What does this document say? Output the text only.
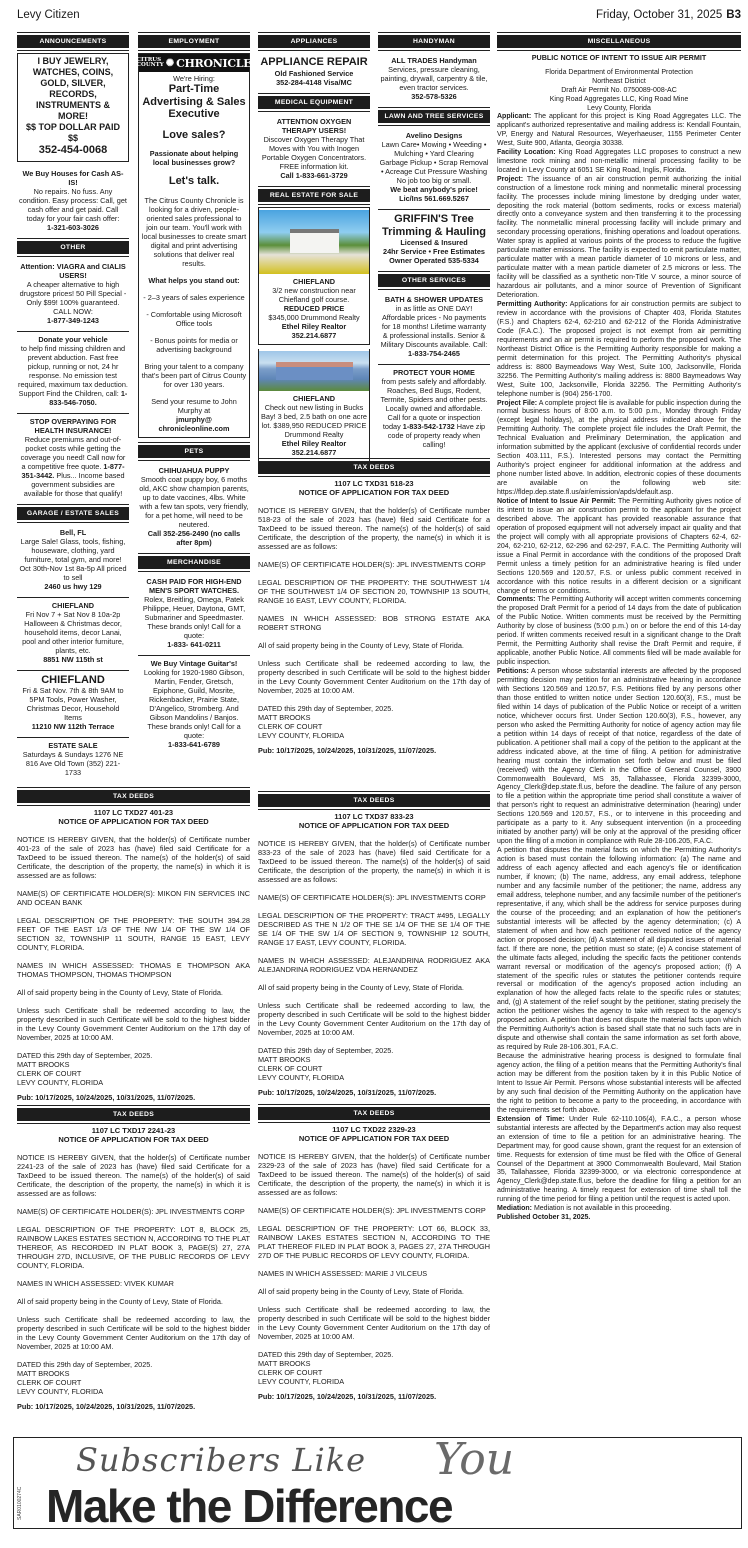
Levy Citizen	Friday, October 31, 2025 B3
ANNOUNCEMENTS
I BUY JEWELRY, WATCHES, COINS, GOLD, SILVER, RECORDS, INSTRUMENTS & MORE!
$$ TOP DOLLAR PAID $$
352-454-0068
We Buy Houses for Cash AS-IS!
No repairs. No fuss. Any condition. Easy process: Call, get cash offer and get paid. Call today for your fair cash offer:
1-321-603-3026
OTHER
Attention: VIAGRA and CIALIS USERS!
A cheaper alternative to high drugstore prices! 50 Pill Special - Only $99! 100% guaranteed. CALL NOW:
1-877-349-1243
Donate your vehicle
to help find missing children and prevent abduction. Fast free pickup, running or not, 24 hr response. No emission test required, maximum tax deduction. Support Find the Children, call: 1-833-546-7050.
STOP OVERPAYING FOR HEALTH INSURANCE!
Reduce premiums and out-of-pocket costs while getting the coverage you need! Call now for a competitive free quote. 1-877-351-3442. Plus... Income based government subsidies are available for those that qualify!
GARAGE / ESTATE SALES
Bell, FL
Large Sale! Glass, tools, fishing, houseware, clothing, yard furniture, total gym, and more! Oct 30th-Nov 1st 8a-5p All priced to sell
2460 us hwy 129
CHIEFLAND
Fri Nov 7 + Sat Nov 8 10a-2p Halloween & Christmas decor, household items, decor Lanai, pool and other interior furniture, plants, etc.
8851 NW 115th st
CHIEFLAND
Fri & Sat Nov. 7th & 8th 9AM to 5PM Tools, Power Washer, Christmas Decor, Household Items
11210 NW 112th Terrace
ESTATE SALE
Saturdays & Sundays 1276 NE 816 Ave Old Town (352) 221-1733
EMPLOYMENT
CITRUS
COUNTY ✺ CHRONICLE
We're Hiring:
Part-Time Advertising & Sales Executive
Love sales?
Passionate about helping local businesses grow?
Let's talk.
The Citrus County Chronicle is looking for a driven, people-oriented sales professional to join our team. You'll work with local businesses to create smart digital and print advertising solutions that deliver real results.
What helps you stand out:
- 2–3 years of sales experience
- Comfortable using Microsoft Office tools
- Bonus points for media or advertising background
Bring your talent to a company that's been part of Citrus County for over 130 years.
Send your resume to John Murphy at
jmurphy@ chronicleonline.com
PETS
CHIHUAHUA PUPPY
Smooth coat puppy boy, 6 moths old, AKC show champion parents, up to date vaccines, 4lbs. White with a few tan spots, very friendly, for a pet home, will need to be neutered.
Call 352-256-2490 (no calls after 8pm)
MERCHANDISE
CASH PAID FOR HIGH-END MEN'S SPORT WATCHES.
Rolex, Breitling, Omega, Patek Philippe, Heuer, Daytona, GMT, Submariner and Speedmaster. These brands only! Call for a quote:
1-833- 641-0211
We Buy Vintage Guitar's!
Looking for 1920-1980 Gibson, Martin, Fender, Gretsch, Epiphone, Guild, Mosrite, Rickenbacker, Prairie State, D'Angelico, Stromberg. And Gibson Mandolins / Banjos. These brands only! Call for a quote:
1-833-641-6789
TAX DEEDS
1107 LC TXD27 401-23
NOTICE OF APPLICATION FOR TAX DEED

NOTICE IS HEREBY GIVEN, that the holder(s) of Certificate number 401-23 of the sale of 2023 has (have) filed said Certificate for a TaxDeed to be issued thereon. The name(s) of the holder(s) of said Certificate, the description of the property, the name(s) in which it is assessed are as follows:

NAME(S) OF CERTIFICATE HOLDER(S): MIKON FIN SERVICES INC AND OCEAN BANK

LEGAL DESCRIPTION OF THE PROPERTY: THE SOUTH 394.28 FEET OF THE EAST 1/3 OF THE NW 1/4 OF THE SW 1/4 OF SECTION 32, TOWNSHIP 11 SOUTH, RANGE 15 EAST, LEVY COUNTY, FLORIDA.

NAMES IN WHICH ASSESSED: THOMAS E THOMPSON AKA THOMAS THOMPSON, THOMAS THOMPSON

All of said property being in the County of Levy, State of Florida.

Unless such Certificate shall be redeemed according to law, the property described in such Certificate will be sold to the highest bidder in the Levy County Government Center Auditorium on the 17th day of November, 2025 at 10:00 AM.

DATED this 29th day of September, 2025.
MATT BROOKS
CLERK OF COURT
LEVY COUNTY, FLORIDA
Pub: 10/17/2025, 10/24/2025, 10/31/2025, 11/07/2025.
TAX DEEDS
1107 LC TXD17 2241-23
NOTICE OF APPLICATION FOR TAX DEED

NOTICE IS HEREBY GIVEN, that the holder(s) of Certificate number 2241-23 of the sale of 2023 has (have) filed said Certificate for a TaxDeed to be issued thereon. The name(s) of the holder(s) of said Certificate, the description of the property, the name(s) in which it is assessed are as follows:

NAME(S) OF CERTIFICATE HOLDER(S): JPL INVESTMENTS CORP

LEGAL DESCRIPTION OF THE PROPERTY: LOT 8, BLOCK 25, RAINBOW LAKES ESTATES SECTION N, ACCORDING TO THE PLAT THEREOF, AS RECORDED IN PLAT BOOK 3, PAGE(S) 27, 27A THROUGH 27D, INCLUSIVE, OF THE PUBLIC RECORDS OF LEVY COUNTY, FLORIDA.

NAMES IN WHICH ASSESSED: VIVEK KUMAR

All of said property being in the County of Levy, State of Florida.

Unless such Certificate shall be redeemed according to law, the property described in such Certificate will be sold to the highest bidder in the Levy County Government Center Auditorium on the 17th day of November, 2025 at 10:00 AM.

DATED this 29th day of September, 2025.
MATT BROOKS
CLERK OF COURT
LEVY COUNTY, FLORIDA
Pub: 10/17/2025, 10/24/2025, 10/31/2025, 11/07/2025.
APPLIANCES
APPLIANCE REPAIR
Old Fashioned Service
352-284-4148 Visa/MC
MEDICAL EQUIPMENT
ATTENTION OXYGEN THERAPY USERS!
Discover Oxygen Therapy That Moves with You with Inogen Portable Oxygen Concentrators. FREE information kit.
Call 1-833-661-3729
REAL ESTATE FOR SALE
CHIEFLAND
3/2 new construction near Chiefland golf course.
REDUCED PRICE
$345,000 Drummond Realty
Ethel Riley Realtor 352.214.6877
CHIEFLAND
Check out new listing in Bucks Bay! 3 bed, 2.5 bath on one acre lot. $389,950 REDUCED PRICE Drummond Realty
Ethel Riley Realtor 352.214.6877
HANDYMAN
ALL TRADES Handyman
Services, pressure cleaning, painting, drywall, carpentry & tile, even tractor services.
352-578-5326
LAWN AND TREE SERVICES
Avelino Designs
Lawn Care• Mowing • Weeding • Mulching • Yard Clearing Garbage Pickup • Scrap Removal • Acreage Cut Pressure Washing No job too big or small.
We beat anybody's price! Lic/Ins 561.669.5267
GRIFFIN'S Tree Trimming & Hauling
Licensed & Insured
24hr Service • Free Estimates
Owner Operated 535-5334
OTHER SERVICES
BATH & SHOWER UPDATES
in as little as ONE DAY! Affordable prices - No payments for 18 months! Lifetime warranty & professional installs. Senior & Military Discounts available. Call: 1-833-754-2465
PROTECT YOUR HOME
from pests safely and affordably. Roaches, Bed Bugs, Rodent, Termite, Spiders and other pests. Locally owned and affordable. Call for a quote or inspection today 1-833-542-1732 Have zip code of property ready when calling!
TAX DEEDS
1107 LC TXD31 518-23
NOTICE OF APPLICATION FOR TAX DEED

NOTICE IS HEREBY GIVEN, that the holder(s) of Certificate number 518-23 of the sale of 2023 has (have) filed said Certificate for a TaxDeed to be issued thereon. The name(s) of the holder(s) of said Certificate, the description of the property, the name(s) in which it is assessed are as follows:

NAME(S) OF CERTIFICATE HOLDER(S): JPL INVESTMENTS CORP

LEGAL DESCRIPTION OF THE PROPERTY: THE SOUTHWEST 1/4 OF THE SOUTHWEST 1/4 OF SECTION 20, TOWNSHIP 13 SOUTH, RANGE 16 EAST, LEVY COUNTY, FLORIDA.

NAMES IN WHICH ASSESSED: BOB STRONG ESTATE AKA ROBERT STRONG

All of said property being in the County of Levy, State of Florida.

Unless such Certificate shall be redeemed according to law, the property described in such Certificate will be sold to the highest bidder in the Levy County Government Center Auditorium on the 17th day of November, 2025 at 10:00 AM.

DATED this 29th day of September, 2025.
MATT BROOKS
CLERK OF COURT
LEVY COUNTY, FLORIDA
Pub: 10/17/2025, 10/24/2025, 10/31/2025, 11/07/2025.
TAX DEEDS
1107 LC TXD37 833-23
NOTICE OF APPLICATION FOR TAX DEED

NOTICE IS HEREBY GIVEN, that the holder(s) of Certificate number 833-23 of the sale of 2023 has (have) filed said Certificate for a TaxDeed to be issued thereon. The name(s) of the holder(s) of said Certificate, the description of the property, the name(s) in which it is assessed are as follows:

NAME(S) OF CERTIFICATE HOLDER(S): JPL INVESTMENTS CORP

LEGAL DESCRIPTION OF THE PROPERTY: TRACT #495, LEGALLY DESCRIBED AS THE N 1/2 OF THE SE 1/4 OF THE SE 1/4 OF THE SE 1/4 OF THE SW 1/4 OF SECTION 9, TOWNSHIP 12 SOUTH, RANGE 17 EAST, LEVY COUNTY, FLORIDA.

NAMES IN WHICH ASSESSED: ALEJANDRINA RODRIGUEZ AKA ALEJANDRINA RODRIGUEZ VDA HERNANDEZ

All of said property being in the County of Levy, State of Florida.

Unless such Certificate shall be redeemed according to law, the property described in such Certificate will be sold to the highest bidder in the Levy County Government Center Auditorium on the 17th day of November, 2025 at 10:00 AM.

DATED this 29th day of September, 2025.
MATT BROOKS
CLERK OF COURT
LEVY COUNTY, FLORIDA
Pub: 10/17/2025, 10/24/2025, 10/31/2025, 11/07/2025.
TAX DEEDS
1107 LC TXD22 2329-23
NOTICE OF APPLICATION FOR TAX DEED

NOTICE IS HEREBY GIVEN, that the holder(s) of Certificate number 2329-23 of the sale of 2023 has (have) filed said Certificate for a TaxDeed to be issued thereon. The name(s) of the holder(s) of said Certificate, the description of the property, the name(s) in which it is assessed are as follows:

NAME(S) OF CERTIFICATE HOLDER(S): JPL INVESTMENTS CORP

LEGAL DESCRIPTION OF THE PROPERTY: LOT 66, BLOCK 33, RAINBOW LAKES ESTATES SECTION N, ACCORDING TO THE PLAT THEREOF FILED IN PLAT BOOK 3, PAGES 27, 27A THROUGH 27D OF THE PUBLIC RECORDS OF LEVY COUNTY, FLORIDA.

NAMES IN WHICH ASSESSED: MARIE J VILCEUS

All of said property being in the County of Levy, State of Florida.

Unless such Certificate shall be redeemed according to law, the property described in such Certificate will be sold to the highest bidder in the Levy County Government Center Auditorium on the 17th day of November, 2025 at 10:00 AM.

DATED this 29th day of September, 2025.
MATT BROOKS
CLERK OF COURT
LEVY COUNTY, FLORIDA
Pub: 10/17/2025, 10/24/2025, 10/31/2025, 11/07/2025.
MISCELLANEOUS
PUBLIC NOTICE OF INTENT TO ISSUE AIR PERMIT
Florida Department of Environmental Protection
Northeast District
Draft Air Permit No. 0750089-008-AC
King Road Aggregates LLC, King Road Mine
Levy County, Florida
Applicant: The applicant for this project is King Road Aggregates LLC. The applicant's authorized representative and mailing address is: Kendall Fountain, VP, Energy and Natural Resources, Weyerhaeuser, 1155 Perimeter Center West, Suite 900, Atlanta, Georgia 30338.
Facility Location: King Road Aggregates LLC proposes to construct a new limestone rock mining and non-metallic mineral processing facility to be located in Levy County at 6051 SE King Road, Inglis, Florida.
Project: The issuance of an air construction permit authorizing the initial construction of a limestone rock mining and nonmetallic mineral processing facility. The processes include mining limestone by dredging under water, depositing the rock material (bottom sediments, rocks or excess material) directly onto a conveyance system and then transferring it to the processing facility. The nonmetallic mineral processing facility will include primary and secondary processing operations, finishing operations and loadout operations. Water spray is applied at various points of the process to reduce the fugitive particulate matter emissions. The facility is expected to emit particulate matter, particulate matter with a mean particle diameter of 10 microns or less, and particulate matter with a mean particle diameter of 2.5 microns or less. The facility will be classified as a synthetic non-Title V source, a minor source of hazardous air pollutants, and a minor source of Prevention of Significant Deterioration.
Permitting Authority: Applications for air construction permits are subject to review in accordance with the provisions of Chapter 403, Florida Statutes (F.S.) and Chapters 62-4, 62-210 and 62-212 of the Florida Administrative Code (F.A.C.). The proposed project is not exempt from air permitting requirements and an air permit is required to perform the proposed work. The Northeast District Office is the Permitting Authority responsible for making a permit determination for this project. The Permitting Authority's physical address is: 8800 Baymeadows Way West, Suite 100, Jacksonville, Florida 32256. The Permitting Authority's mailing address is: 8800 Baymeadows Way West, Suite 100, Jacksonville, Florida 32256. The Permitting Authority's telephone number is (904) 256-1700.
Project File: A complete project file is available for public inspection during the normal business hours of 8:00 a.m. to 5:00 p.m., Monday through Friday (except legal holidays), at the physical address indicated above for the Permitting Authority. The complete project file includes the Draft Permit, the Technical Evaluation and Preliminary Determination, the application and information submitted by the applicant (exclusive of confidential records under Section 403.111, F.S.). Interested persons may contact the Permitting Authority's project engineer for additional information at the address and phone number listed above. In addition, electronic copies of these documents are available on the following web site: https://fldep.dep.state.fl.us/air/emission/apds/default.asp.
Notice of Intent to Issue Air Permit: The Permitting Authority gives notice of its intent to issue an air construction permit to the applicant for the project described above. The applicant has provided reasonable assurance that operation of proposed equipment will not adversely impact air quality and that the project will comply with all appropriate provisions of Chapters 62-4, 62-204, 62-210, 62-212, 62-296 and 62-297, F.A.C. The Permitting Authority will issue a Final Permit in accordance with the conditions of the proposed Draft Permit unless a timely petition for an administrative hearing is filed under Sections 120.569 and 120.57, F.S. or unless public comment received in accordance with this notice results in a different decision or a significant change of terms or conditions.
Comments: The Permitting Authority will accept written comments concerning the proposed Draft Permit for a period of 14 days from the date of publication of the Public Notice. Written comments must be received by the Permitting Authority by close of business (5:00 p.m.) on or before the end of this 14-day period. If written comments received result in a significant change to the Draft Permit, the Permitting Authority shall revise the Draft Permit and require, if applicable, another Public Notice. All comments filed will be made available for public inspection.
Petitions: A person whose substantial interests are affected by the proposed permitting decision may petition for an administrative hearing in accordance with Sections 120.569 and 120.57, F.S. Petitions filed by any persons other than those entitled to written notice under Section 120.60(3), F.S., must be filed within 14 days of publication of the Public Notice or receipt of a written notice, whichever occurs first. Under Section 120.60(3), F.S., however, any person who asked the Permitting Authority for notice of agency action may file a petition within 14 days of receipt of that notice, regardless of the date of publication. A petitioner shall mail a copy of the petition to the applicant at the address indicated above, at the time of filing. A petition for administrative hearing must contain the information set forth below and must be filed (received) with the Agency Clerk in the Office of General Counsel, 3900 Commonwealth Boulevard, MS 35, Tallahassee, Florida 32399-3000, Agency_Clerk@dep.state.fl.us, before the deadline. The failure of any person to file a petition within the appropriate time period shall constitute a waiver of that person's right to request an administrative determination (hearing) under Sections 120.569 and 120.57, F.S., or to intervene in this proceeding and participate as a party to it. Any subsequent intervention (in a proceeding initiated by another party) will be only at the approval of the presiding officer upon the filing of a motion in compliance with Rule 28-106.205, F.A.C.
A petition that disputes the material facts on which the Permitting Authority's action is based must contain the following information: (a) The name and address of each agency affected and each agency's file or identification number, if known; (b) The name, address, any email address, telephone number and any facsimile number of the petitioner; the name, address any email address, telephone number, and any facsimile number of the petitioner's representative, if any, which shall be the address for service purposes during the course of the proceeding; and an explanation of how the petitioner's substantial interests will be affected by the agency determination; (c) A statement of when and how each petitioner received notice of the agency action or proposed decision; (d) A statement of all disputed issues of material fact. If there are none, the petition must so state; (e) A concise statement of the ultimate facts alleged, including the specific facts the petitioner contends warrant reversal or modification of the agency's proposed action; (f) A statement of the specific rules or statutes the petitioner contends require reversal or modification of the agency's proposed action including an explanation of how the alleged facts relate to the specific rules or statutes; and, (g) A statement of the relief sought by the petitioner, stating precisely the action the petitioner wishes the agency to take with respect to the agency's proposed action. A petition that does not dispute the material facts upon which the Permitting Authority's action is based shall state that no such facts are in dispute and otherwise shall contain the same information as set forth above, as required by Rule 28-106.301, F.A.C.
Because the administrative hearing process is designed to formulate final agency action, the filing of a petition means that the Permitting Authority's final action may be different from the position taken by it in this Public Notice of Intent to Issue Air Permit. Persons whose substantial interests will be affected by any such final decision of the Permitting Authority on the application have the right to petition to become a party to the proceeding, in accordance with the requirements set forth above.
Extension of Time: Under Rule 62-110.106(4), F.A.C., a person whose substantial interests are affected by the Department's action may also request an extension of time to file a petition for an administrative hearing. The Department may, for good cause shown, grant the request for an extension of time. Requests for extension of time must be filed with the Office of General Counsel of the Department at 3900 Commonwealth Boulevard, Mail Station 35, Tallahassee, Florida 32399-3000, or via electronic correspondence at Agency_Clerk@dep.state.fl.us, before the deadline for filing a petition for an administrative hearing. A timely request for extension of time shall toll the running of the time period for filing a petition until the request is acted upon.
Mediation: Mediation is not available in this proceeding.
Published October 31, 2025.
Subscribers Like You
Make the Difference
SAR0100274C
